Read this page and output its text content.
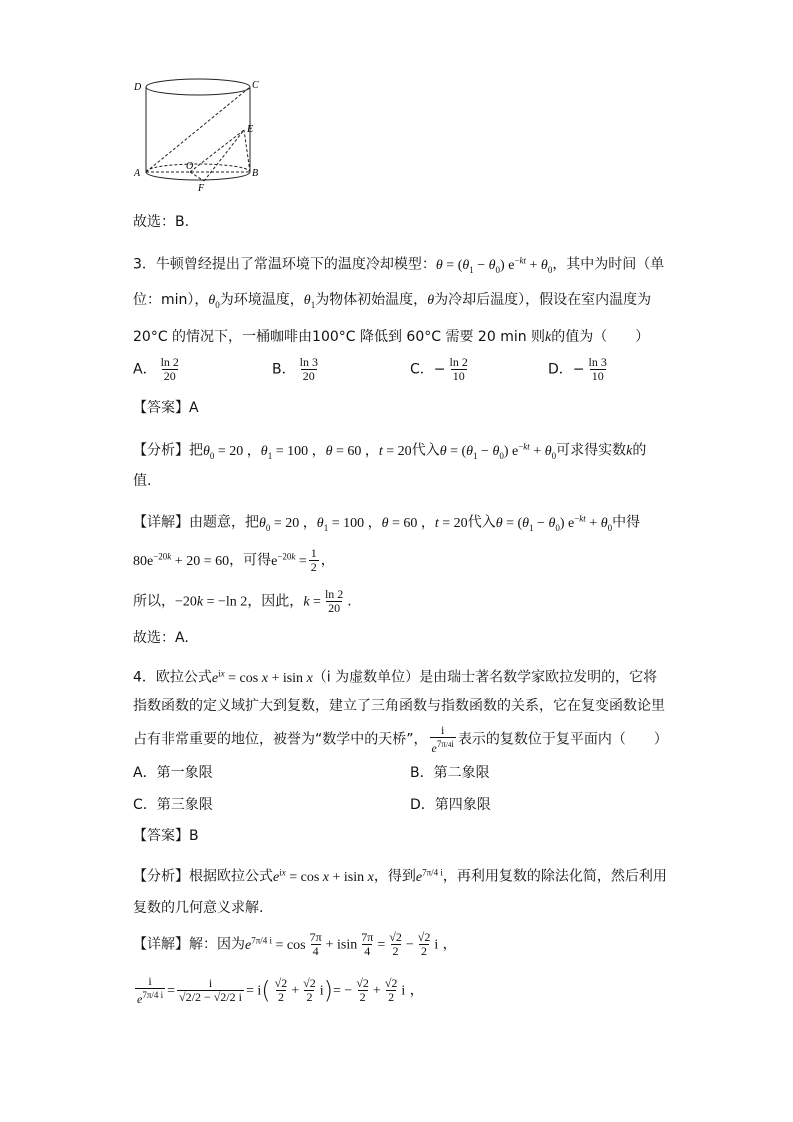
D	C
E
A	B
O
F
故选：B.
3．牛顿曾经提出了常温环境下的温度冷却模型：$\theta = (\theta_1 - \theta_0) e^{-kt} + \theta_0$，其中为时间（单
位：min），$\theta_0$为环境温度，$\theta_1$为物体初始温度，θ为冷却后温度），假设在室内温度为
20°C 的情况下，一桶咖啡由100°C 降低到 60°C 需要 20 min 则k的值为（　　）
A． $\frac{\ln 2}{20}$	B． $\frac{\ln 3}{20}$	C．− $\frac{\ln 2}{10}$	D．− $\frac{\ln 3}{10}$
【答案】A
【分析】把$\theta_0 = 20$ ，$\theta_1 = 100$ ，θ = 60 ，t = 20代入$\theta = (\theta_1 - \theta_0) e^{-kt} + \theta_0$可求得实数k的
值.
【详解】由题意，把$\theta_0 = 20$ ，$\theta_1 = 100$ ，θ = 60 ，t = 20代入$\theta = (\theta_1 - \theta_0) e^{-kt} + \theta_0$中得
$80e^{-20k} + 20 = 60$，可得$e^{-20k} = \frac{1}{2}$ ，
所以，−20k = −ln 2，因此，$k = \frac{\ln 2}{20}$ .
故选：A.
4．欧拉公式$e^{ix} = \cos x + isin$ x（i 为虚数单位）是由瑞士著名数学家欧拉发明的，它将
指数函数的定义域扩大到复数，建立了三角函数与指数函数的关系，它在复变函数论里
占有非常重要的地位，被誉为“数学中的天桥”， $\frac{i}{e^{7\pi/4i}}$ 表示的复数位于复平面内（　　）
A．第一象限	B．第二象限
C．第三象限	D．第四象限
【答案】B
【分析】根据欧拉公式$e^{ix} = \cos x + isin$ x，得到$e^{7\pi/4 i}$，再利用复数的除法化简，然后利用
复数的几何意义求解.
【详解】解：因为$e^{7\pi/4 i} = \cos \frac{7\pi}{4} + isin \frac{7\pi}{4} = \frac{√2}{2} - \frac{√2}{2}$ i ，
$\frac{i}{e^{7\pi/4 i}} = \frac{i}{√2/2 - √2/2 i} = i( \frac{√2}{2} + \frac{√2}{2} i)= - \frac{√2}{2} + \frac{√2}{2}$ i ，
